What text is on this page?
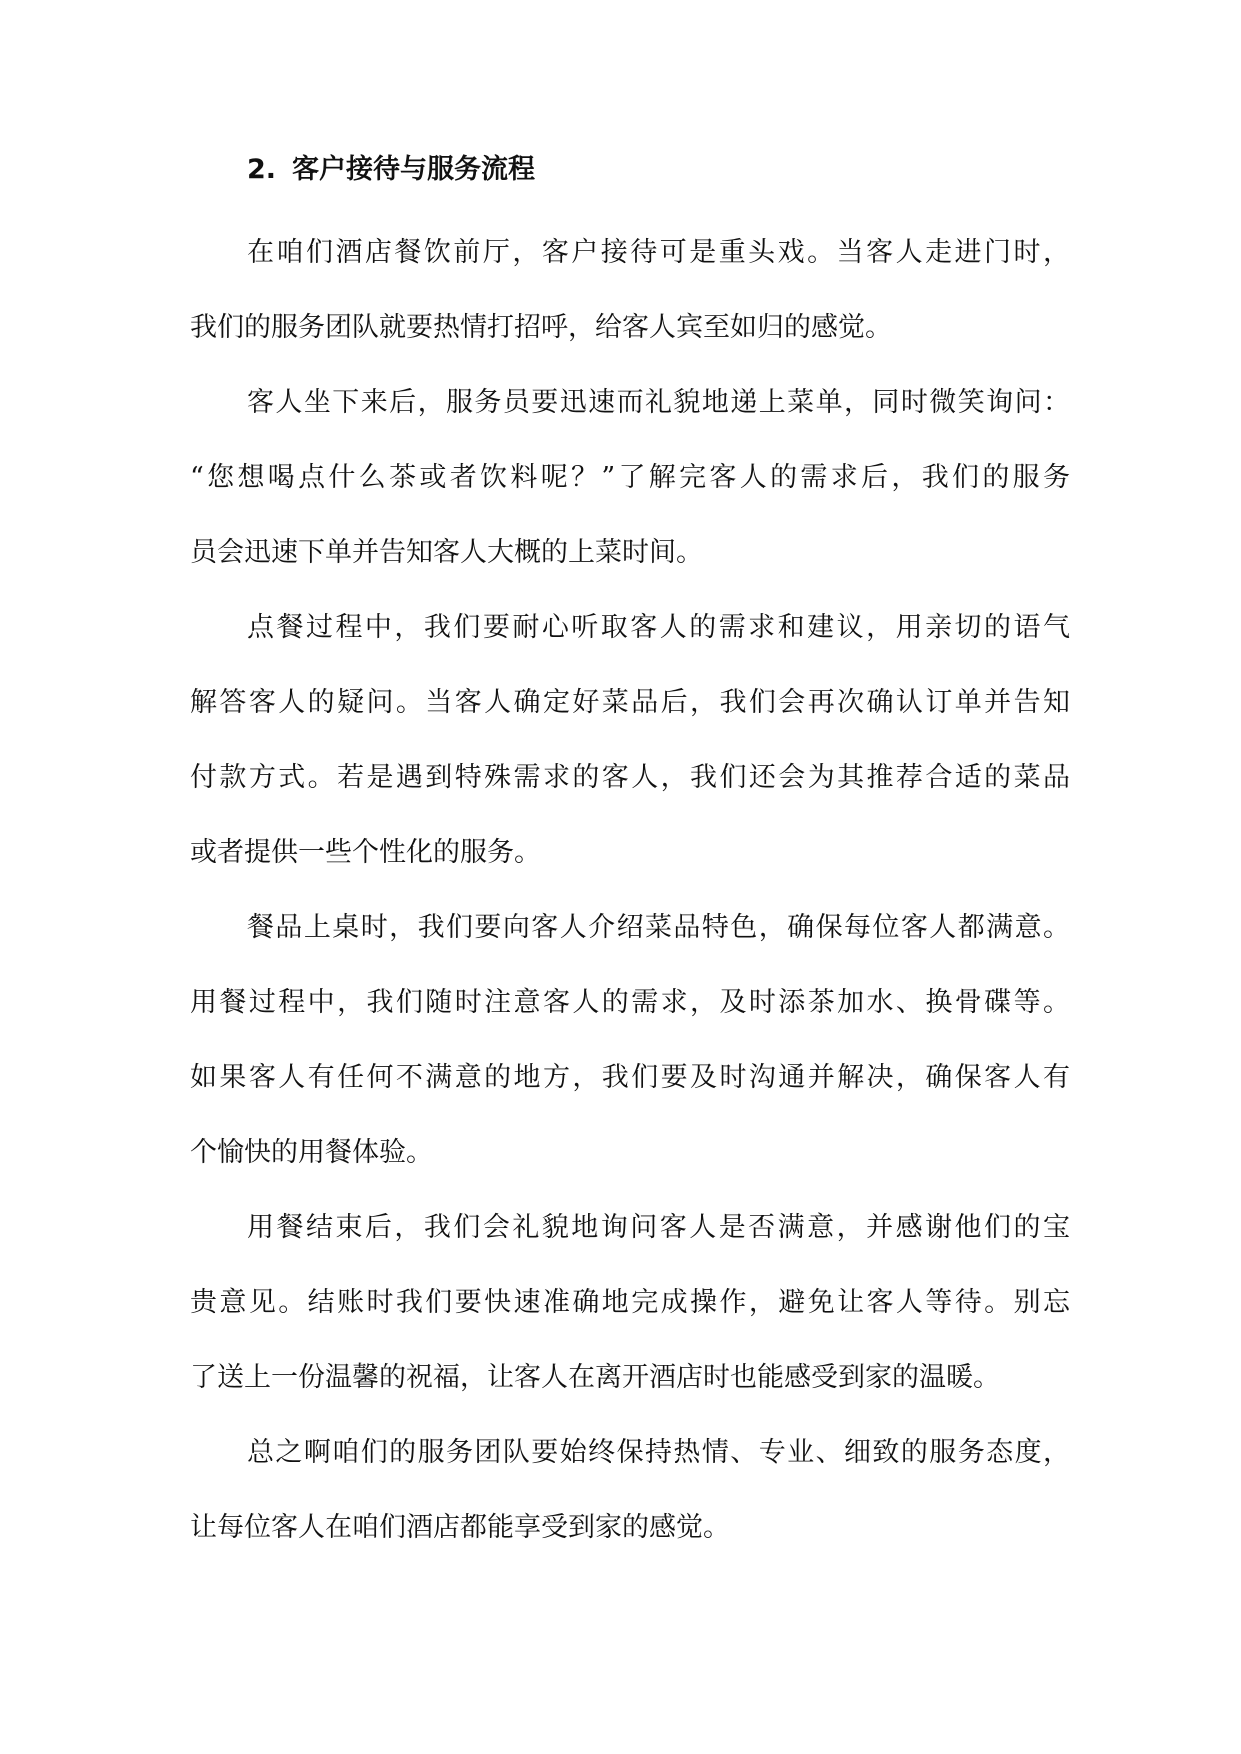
2. 客户接待与服务流程
在咱们酒店餐饮前厅，客户接待可是重头戏。当客人走进门时，
我们的服务团队就要热情打招呼，给客人宾至如归的感觉。
客人坐下来后，服务员要迅速而礼貌地递上菜单，同时微笑询问：
“您想喝点什么茶或者饮料呢？”了解完客人的需求后，我们的服务
员会迅速下单并告知客人大概的上菜时间。
点餐过程中，我们要耐心听取客人的需求和建议，用亲切的语气
解答客人的疑问。当客人确定好菜品后，我们会再次确认订单并告知
付款方式。若是遇到特殊需求的客人，我们还会为其推荐合适的菜品
或者提供一些个性化的服务。
餐品上桌时，我们要向客人介绍菜品特色，确保每位客人都满意。
用餐过程中，我们随时注意客人的需求，及时添茶加水、换骨碟等。
如果客人有任何不满意的地方，我们要及时沟通并解决，确保客人有
个愉快的用餐体验。
用餐结束后，我们会礼貌地询问客人是否满意，并感谢他们的宝
贵意见。结账时我们要快速准确地完成操作，避免让客人等待。别忘
了送上一份温馨的祝福，让客人在离开酒店时也能感受到家的温暖。
总之啊咱们的服务团队要始终保持热情、专业、细致的服务态度，
让每位客人在咱们酒店都能享受到家的感觉。
